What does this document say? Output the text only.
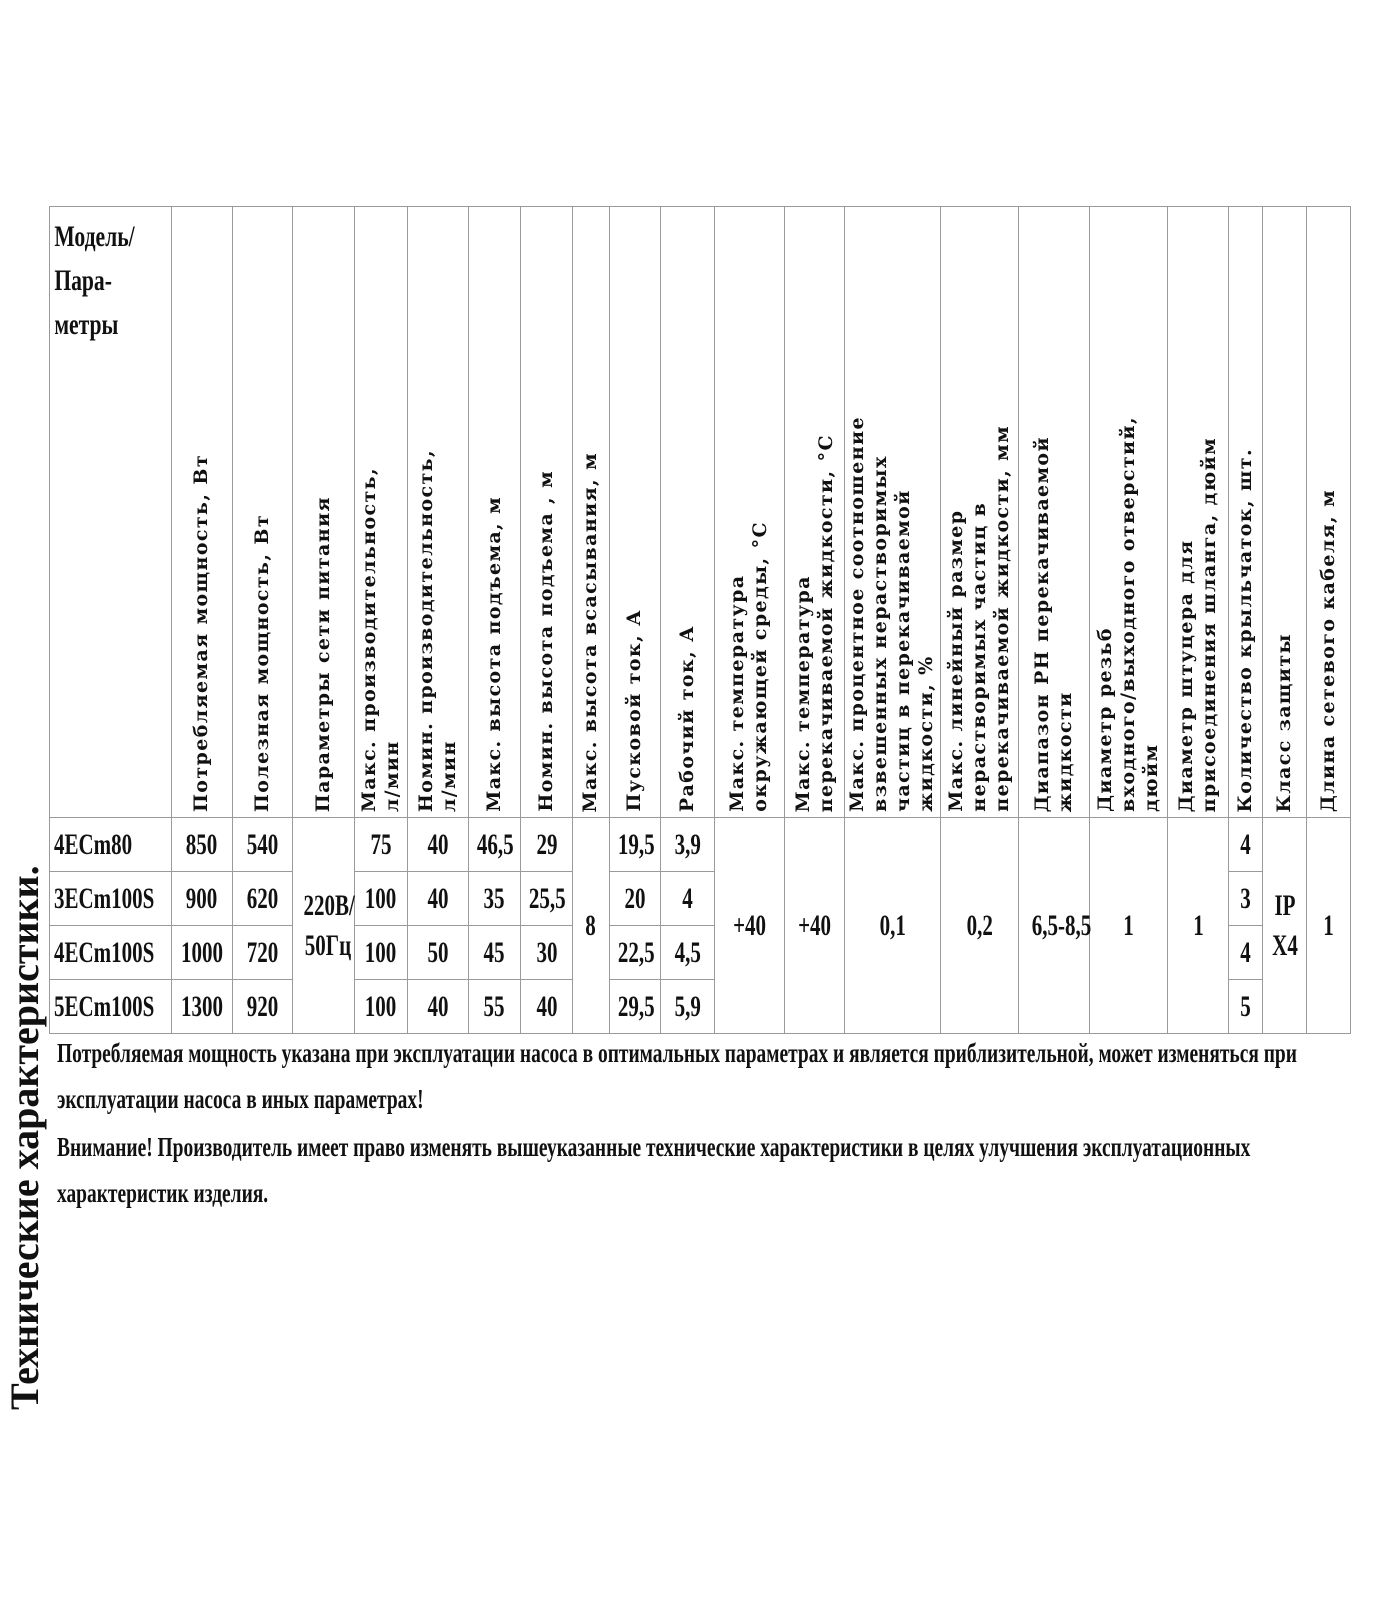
Технические характеристики.
Модель/ Пара- метры	Потребляемая мощность, Вт	Полезная мощность, Вт	Параметры сети питания	Макс. производительность,
л/мин	Номин. производительность,
л/мин	Макс. высота подъема, м	Номин. высота подъема , м	Макс. высота всасывания, м	Пусковой ток, А	Рабочий ток, А	Макс. температура
окружающей среды, °С	Макс. температура
перекачиваемой жидкости, °С	Макс. процентное соотношение
взвешенных нерастворимых
частиц в перекачиваемой
жидкости, %	Макс. линейный размер
нерастворимых частиц в
перекачиваемой жидкости, мм	Диапазон РН перекачиваемой
жидкости	Диаметр резьб
входного/выходного отверстий,
дюйм	Диаметр штуцера для
присоединения шланга, дюйм	Количество крыльчаток, шт.	Класс защиты	Длина сетевого кабеля, м
4ECm80	850	540	220В/ 50Гц	75	40	46,5	29	8	19,5	3,9	+40	+40	0,1	0,2	6,5-8,5	1	1	4	IP X4	1
3ECm100S	900	620		100	40	35	25,5		20	4								3		
4ECm100S	1000	720		100	50	45	30		22,5	4,5								4		
5ECm100S	1300	920		100	40	55	40		29,5	5,9								5		

Потребляемая мощность указана при эксплуатации насоса в оптимальных параметрах и является приблизительной, может изменяться при эксплуатации насоса в иных параметрах!

Внимание! Производитель имеет право изменять вышеуказанные технические характеристики в целях улучшения эксплуатационных характеристик изделия.
